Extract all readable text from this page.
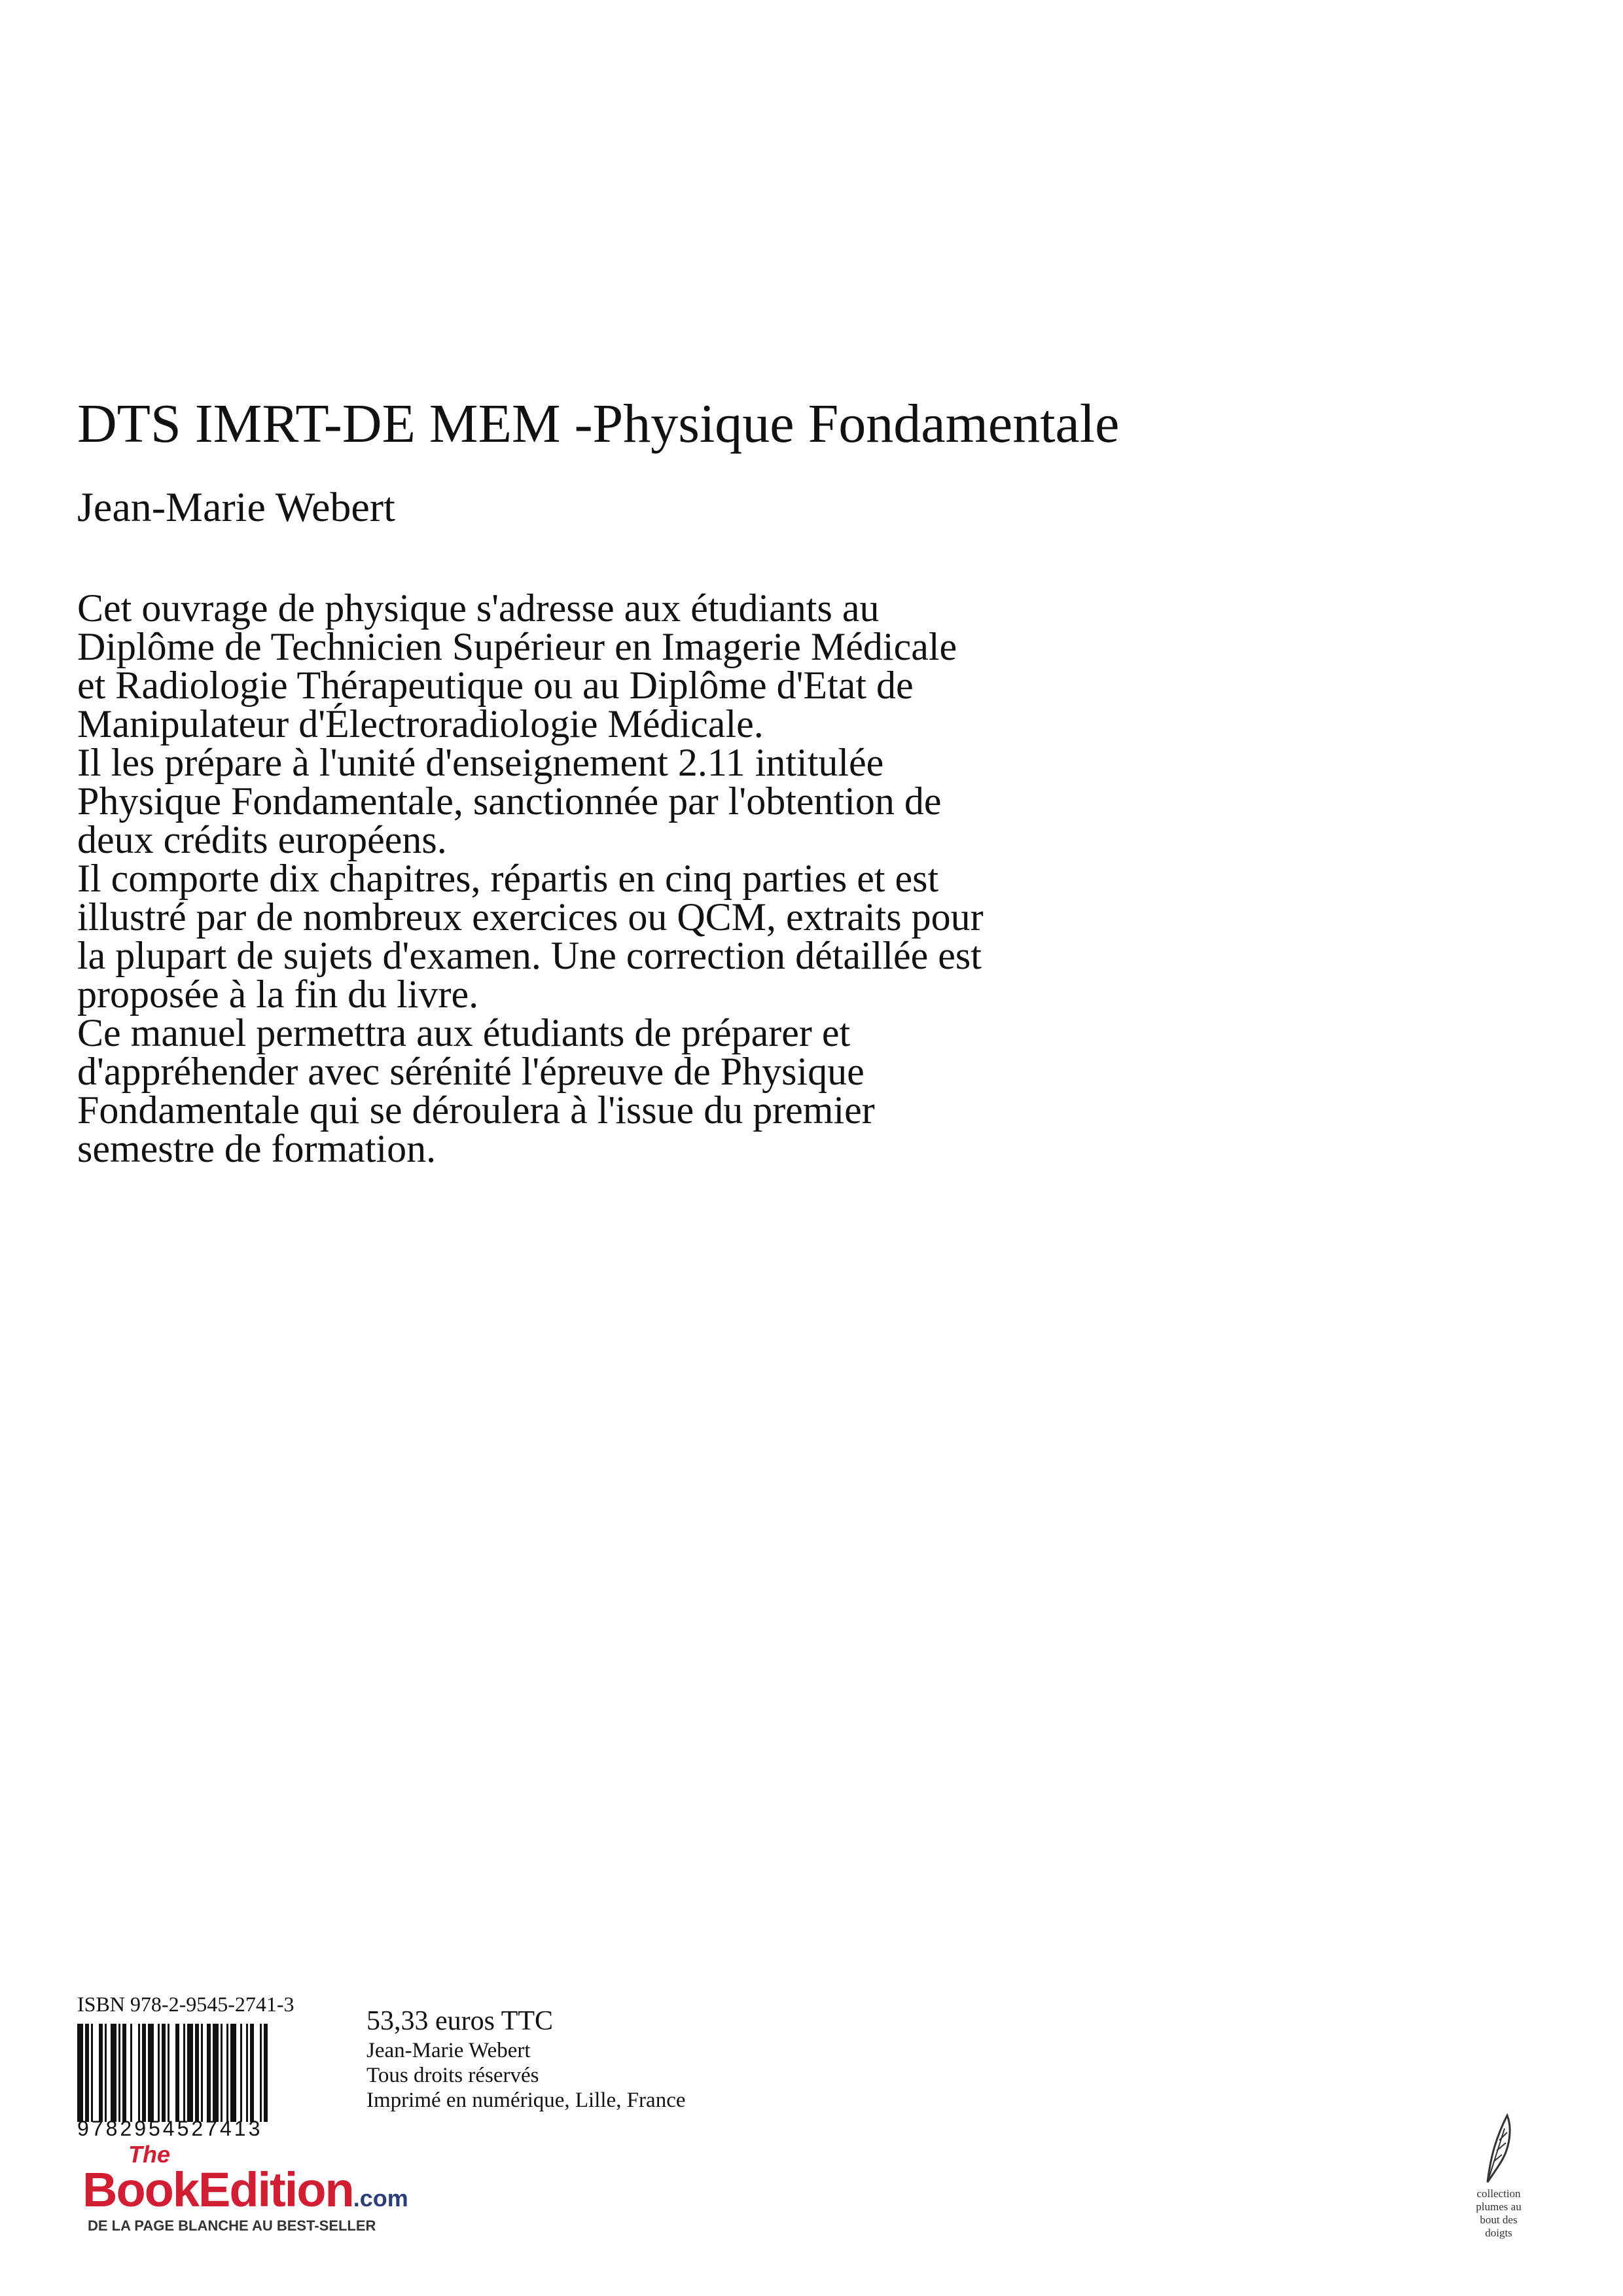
DTS IMRT-DE MEM -Physique Fondamentale
Jean-Marie Webert
Cet ouvrage de physique s'adresse aux étudiants au
Diplôme de Technicien Supérieur en Imagerie Médicale
et Radiologie Thérapeutique ou au Diplôme d'Etat de
Manipulateur d'Électroradiologie Médicale.
Il les prépare à l'unité d'enseignement 2.11 intitulée
Physique Fondamentale, sanctionnée par l'obtention de
deux crédits européens.
Il comporte dix chapitres, répartis en cinq parties et est
illustré par de nombreux exercices ou QCM, extraits pour
la plupart de sujets d'examen. Une correction détaillée est
proposée à la fin du livre.
Ce manuel permettra aux étudiants de préparer et
d'appréhender avec sérénité l'épreuve de Physique
Fondamentale qui se déroulera à l'issue du premier
semestre de formation.
ISBN 978-2-9545-2741-3
9782954527413
53,33 euros TTC
Jean-Marie Webert
Tous droits réservés
Imprimé en numérique, Lille, France
The
BookEdition.com
DE LA PAGE BLANCHE AU BEST-SELLER
collection
plumes au
bout des
doigts
